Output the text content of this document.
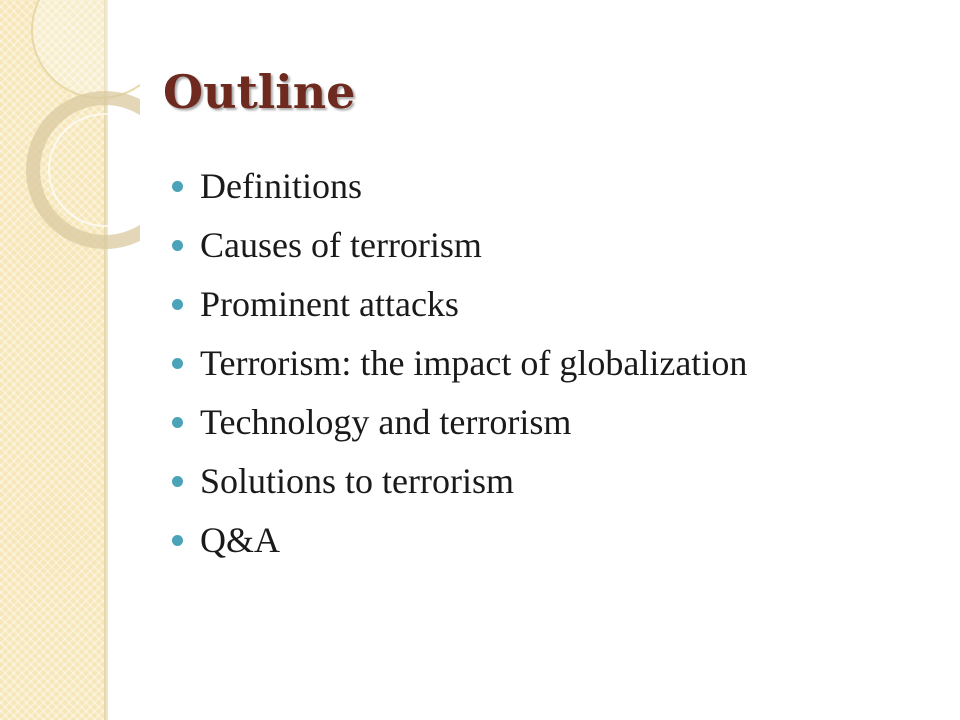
Outline
Definitions
Causes of terrorism
Prominent attacks
Terrorism: the impact of globalization
Technology and terrorism
Solutions to terrorism
Q&A
